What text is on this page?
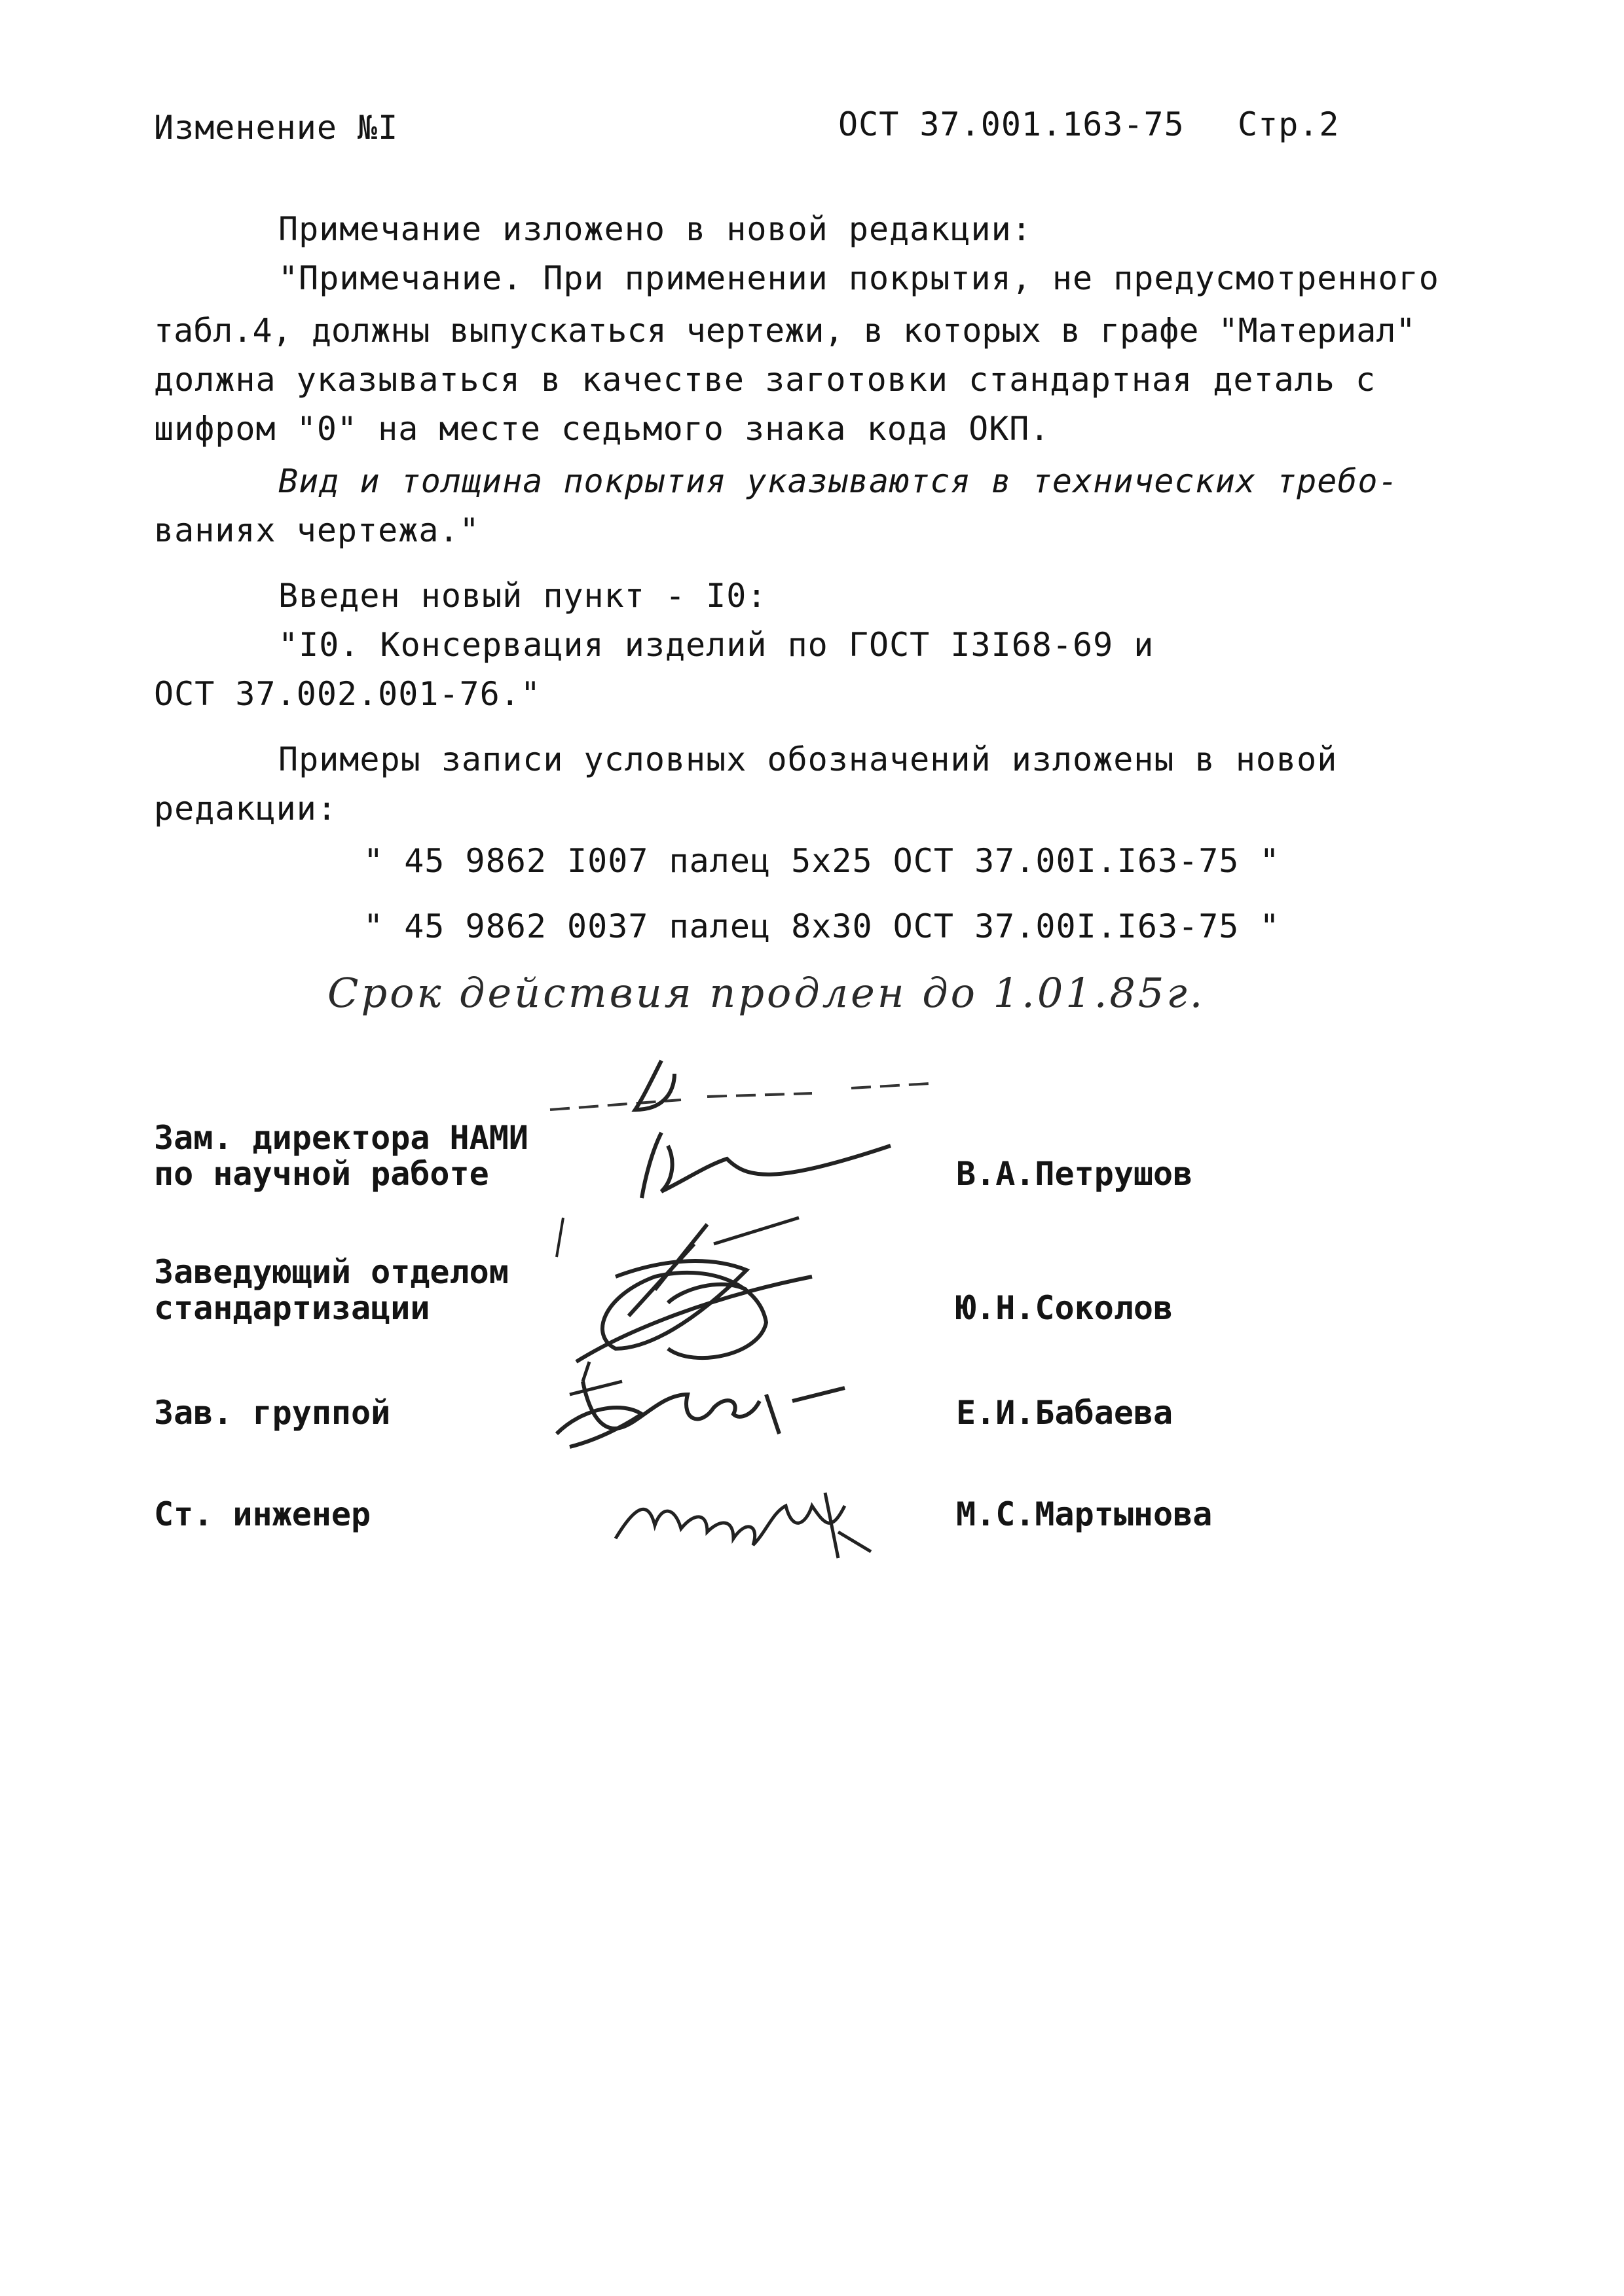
Изменение №I	ОСТ 37.001.163-75 Стр.2
Примечание изложено в новой редакции:
"Примечание. При применении покрытия, не предусмотренного
табл.4, должны выпускаться чертежи, в которых в графе "Материал"
должна указываться в качестве заготовки стандартная деталь с
шифром "0" на месте седьмого знака кода ОКП.
Вид и толщина покрытия указываются в технических требо-
ваниях чертежа."
Введен новый пункт - I0:
"I0. Консервация изделий по ГОСТ I3I68-69 и
ОСТ 37.002.001-76."
Примеры записи условных обозначений изложены в новой
редакции:
" 45 9862 I007 палец 5x25 ОСТ 37.00I.I63-75 "
" 45 9862 0037 палец 8x30 ОСТ 37.00I.I63-75 "
Срок действия продлен до 1.01.85г.
Зам. директора НАМИ
по научной работе	В.А.Петрушов
Заведующий отделом
стандартизации	Ю.Н.Соколов
Зав. группой	Е.И.Бабаева
Ст. инженер	М.С.Мартынова
